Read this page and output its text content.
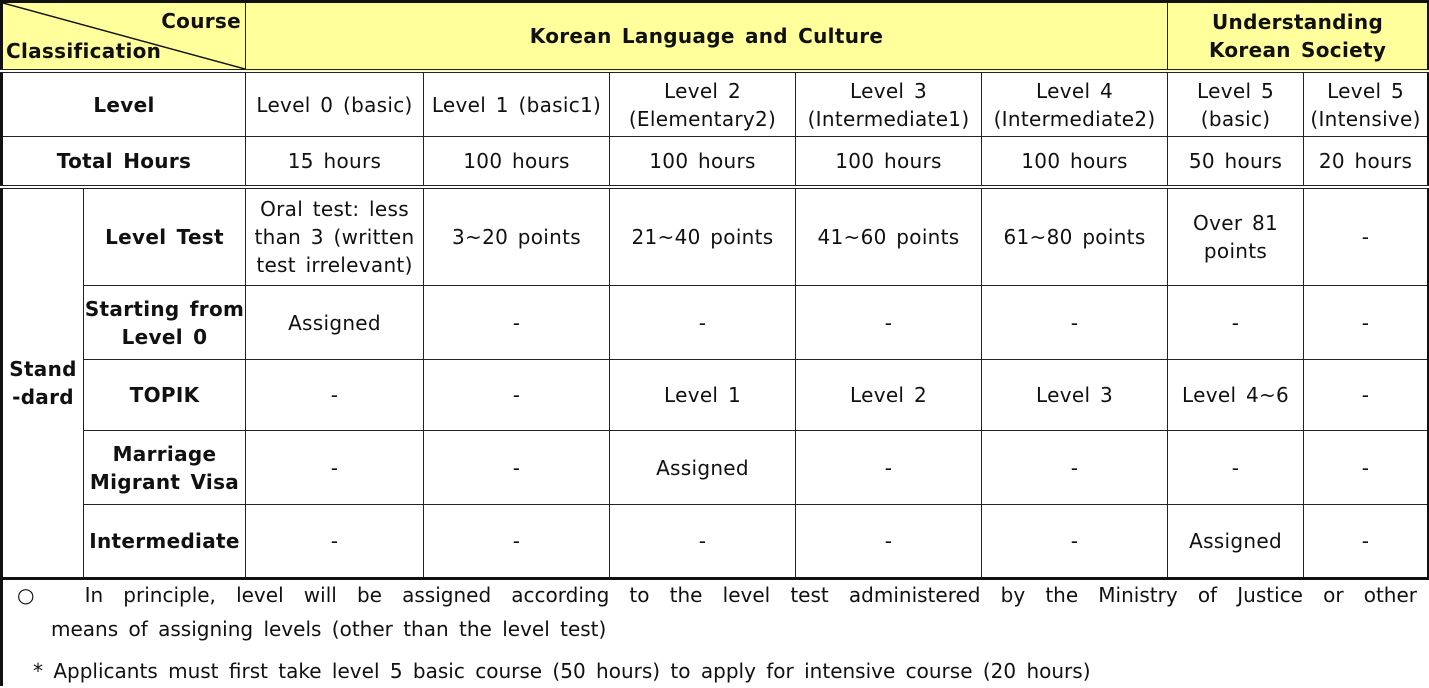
Course
Classification		Korean Language and Culture					Understanding Korean Society	
Level		Level 0 (basic)	Level 1 (basic1)	Level 2 (Elementary2)	Level 3 (Intermediate1)	Level 4 (Intermediate2)	Level 5 (basic)	Level 5 (Intensive)
Total Hours		15 hours	100 hours	100 hours	100 hours	100 hours	50 hours	20 hours
Stand -dard	Level Test	Oral test: less than 3 (written test irrelevant)	3~20 points	21~40 points	41~60 points	61~80 points	Over 81 points	-
	Starting from Level 0	Assigned	-	-	-	-	-	-
	TOPIK	-	-	Level 1	Level 2	Level 3	Level 4~6	-
	Marriage Migrant Visa	-	-	Assigned	-	-	-	-
	Intermediate	-	-	-	-	-	Assigned	-
○ In principle, level will be assigned according to the level test administered by the Ministry of Justice or other
means of assigning levels (other than the level test)
* Applicants must first take level 5 basic course (50 hours) to apply for intensive course (20 hours)
